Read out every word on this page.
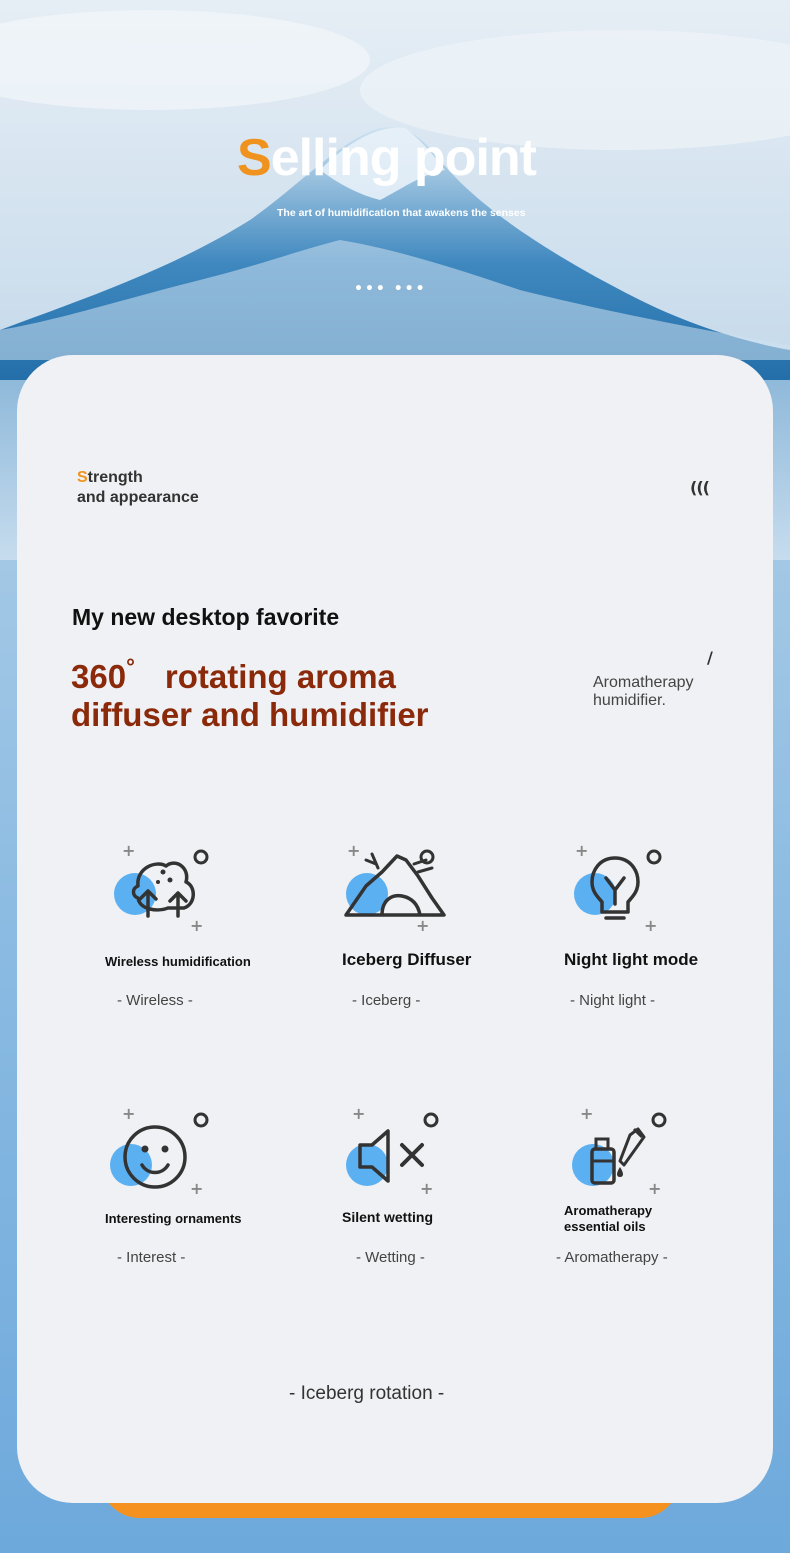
Selling point
The art of humidification that awakens the senses
••• •••
Strength
and appearance
(((
My new desktop favorite
360° rotating aroma
diffuser and humidifier
/
Aromatherapy humidifier.
+
+
Wireless humidification
- Wireless -
+
+
Iceberg Diffuser
- Iceberg -
+
+
Night light mode
- Night light -
+
+
Interesting ornaments
- Interest -
+
+
Silent wetting
- Wetting -
+
+
Aromatherapy essential oils
- Aromatherapy -
- Iceberg rotation -
